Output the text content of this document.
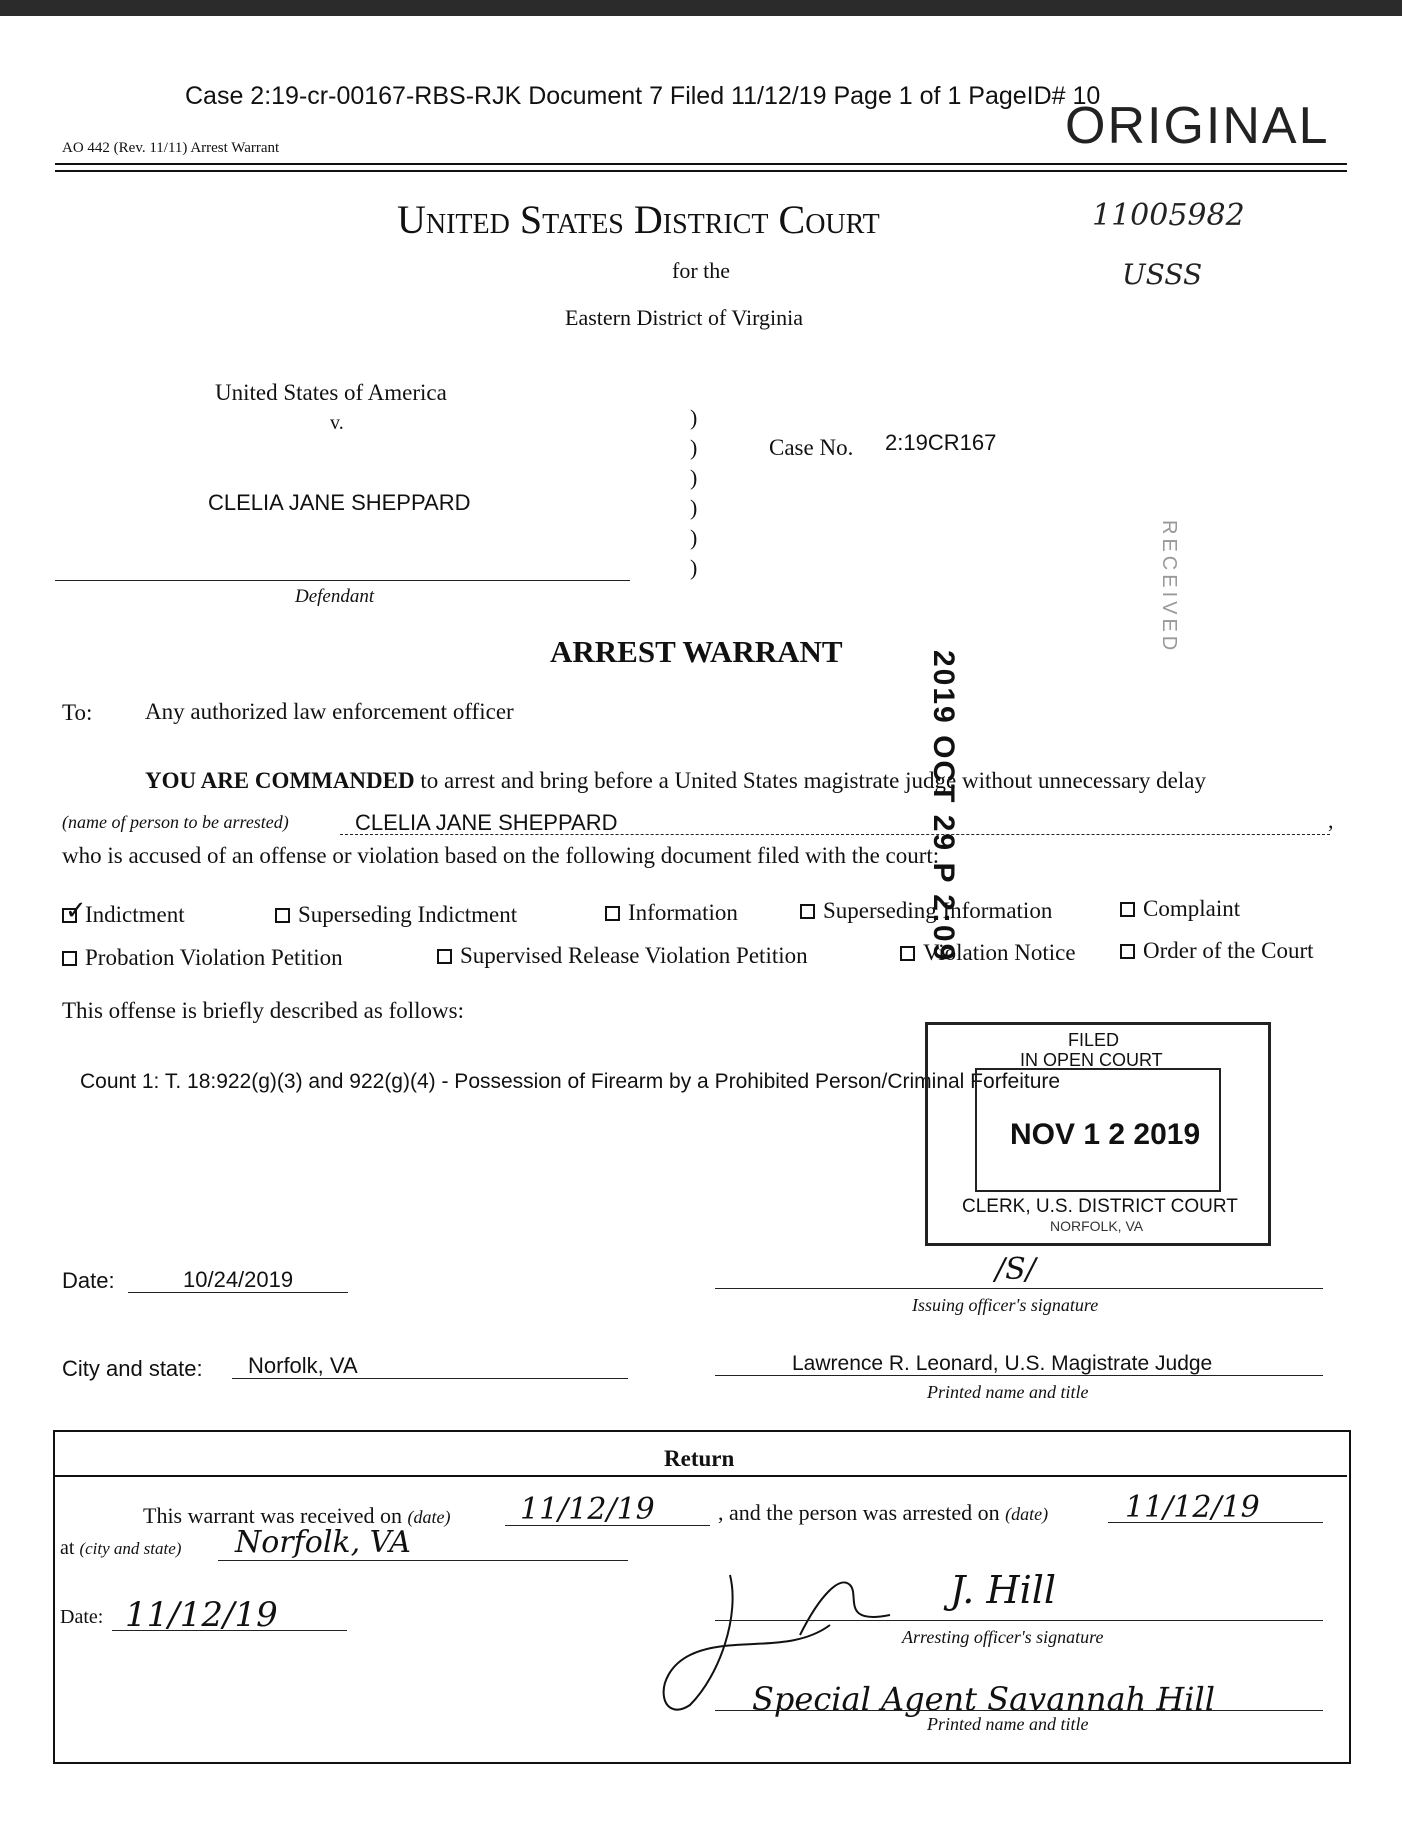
Case 2:19-cr-00167-RBS-RJK Document 7 Filed 11/12/19 Page 1 of 1 PageID# 10
ORIGINAL
AO 442 (Rev. 11/11) Arrest Warrant
United States District Court
for the
Eastern District of Virginia
11005982
USSS
United States of America
v.
CLELIA JANE SHEPPARD
Defendant
)
)
)
)
)
)
Case No. 2:19CR167
2019 OCT 29 P 2:09
RECEIVED
ARREST WARRANT
To: Any authorized law enforcement officer
YOU ARE COMMANDED to arrest and bring before a United States magistrate judge without unnecessary delay
(name of person to be arrested)	CLELIA JANE SHEPPARD	,
who is accused of an offense or violation based on the following document filed with the court:
✓Indictment	Superseding Indictment	Information	Superseding Information	Complaint
Probation Violation Petition	Supervised Release Violation Petition	Violation Notice	Order of the Court
This offense is briefly described as follows:
Count 1: T. 18:922(g)(3) and 922(g)(4) - Possession of Firearm by a Prohibited Person/Criminal Forfeiture
FILED
IN OPEN COURT
NOV 1 2 2019
CLERK, U.S. DISTRICT COURT
NORFOLK, VA
Date:	10/24/2019	/S/
Issuing officer's signature
City and state: Norfolk, VA	Lawrence R. Leonard, U.S. Magistrate Judge
Printed name and title
Return
This warrant was received on (date) 11/12/19	, and the person was arrested on (date)	11/12/19
at (city and state) Norfolk, VA
Date: 11/12/19
J. Hill
Arresting officer's signature
Special Agent Savannah Hill
Printed name and title
